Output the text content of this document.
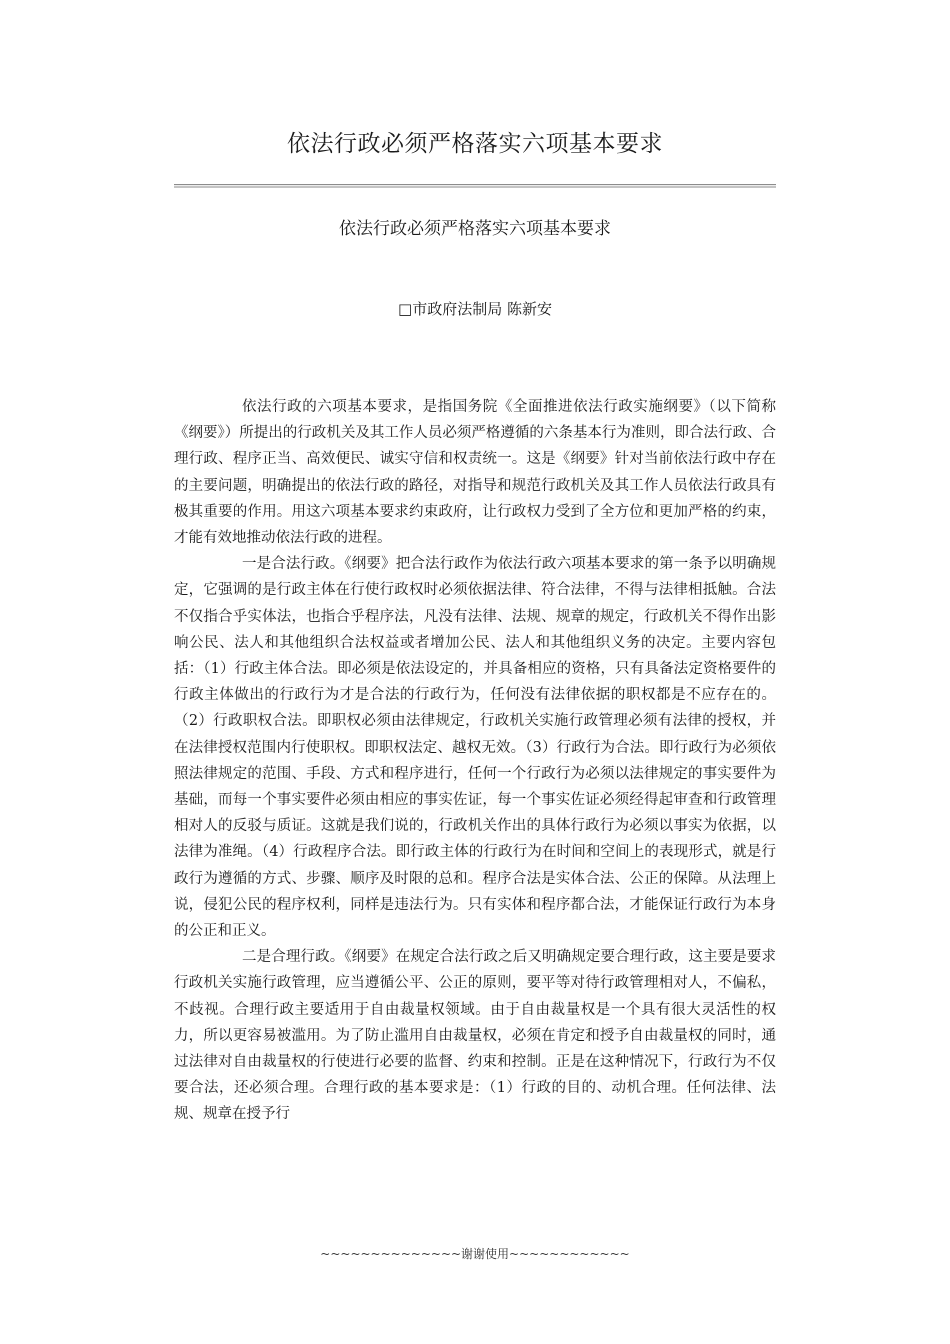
依法行政必须严格落实六项基本要求
依法行政必须严格落实六项基本要求
□市政府法制局 陈新安

依法行政的六项基本要求，是指国务院《全面推进依法行政实施纲要》（以下简称《纲要》）所提出的行政机关及其工作人员必须严格遵循的六条基本行为准则，即合法行政、合理行政、程序正当、高效便民、诚实守信和权责统一。这是《纲要》针对当前依法行政中存在的主要问题，明确提出的依法行政的路径，对指导和规范行政机关及其工作人员依法行政具有极其重要的作用。用这六项基本要求约束政府，让行政权力受到了全方位和更加严格的约束，才能有效地推动依法行政的进程。

一是合法行政。《纲要》把合法行政作为依法行政六项基本要求的第一条予以明确规定，它强调的是行政主体在行使行政权时必须依据法律、符合法律，不得与法律相抵触。合法不仅指合乎实体法，也指合乎程序法，凡没有法律、法规、规章的规定，行政机关不得作出影响公民、法人和其他组织合法权益或者增加公民、法人和其他组织义务的决定。主要内容包括：（1）行政主体合法。即必须是依法设定的，并具备相应的资格，只有具备法定资格要件的行政主体做出的行政行为才是合法的行政行为，任何没有法律依据的职权都是不应存在的。（2）行政职权合法。即职权必须由法律规定，行政机关实施行政管理必须有法律的授权，并在法律授权范围内行使职权。即职权法定、越权无效。（3）行政行为合法。即行政行为必须依照法律规定的范围、手段、方式和程序进行，任何一个行政行为必须以法律规定的事实要件为基础，而每一个事实要件必须由相应的事实佐证，每一个事实佐证必须经得起审查和行政管理相对人的反驳与质证。这就是我们说的，行政机关作出的具体行政行为必须以事实为依据，以法律为准绳。（4）行政程序合法。即行政主体的行政行为在时间和空间上的表现形式，就是行政行为遵循的方式、步骤、顺序及时限的总和。程序合法是实体合法、公正的保障。从法理上说，侵犯公民的程序权利，同样是违法行为。只有实体和程序都合法，才能保证行政行为本身的公正和正义。

二是合理行政。《纲要》在规定合法行政之后又明确规定要合理行政，这主要是要求行政机关实施行政管理，应当遵循公平、公正的原则，要平等对待行政管理相对人，不偏私，不歧视。合理行政主要适用于自由裁量权领域。由于自由裁量权是一个具有很大灵活性的权力，所以更容易被滥用。为了防止滥用自由裁量权，必须在肯定和授予自由裁量权的同时，通过法律对自由裁量权的行使进行必要的监督、约束和控制。正是在这种情况下，行政行为不仅要合法，还必须合理。合理行政的基本要求是：（1）行政的目的、动机合理。任何法律、法规、规章在授予行

~~~~~~~~~~~~~~谢谢使用~~~~~~~~~~~~
